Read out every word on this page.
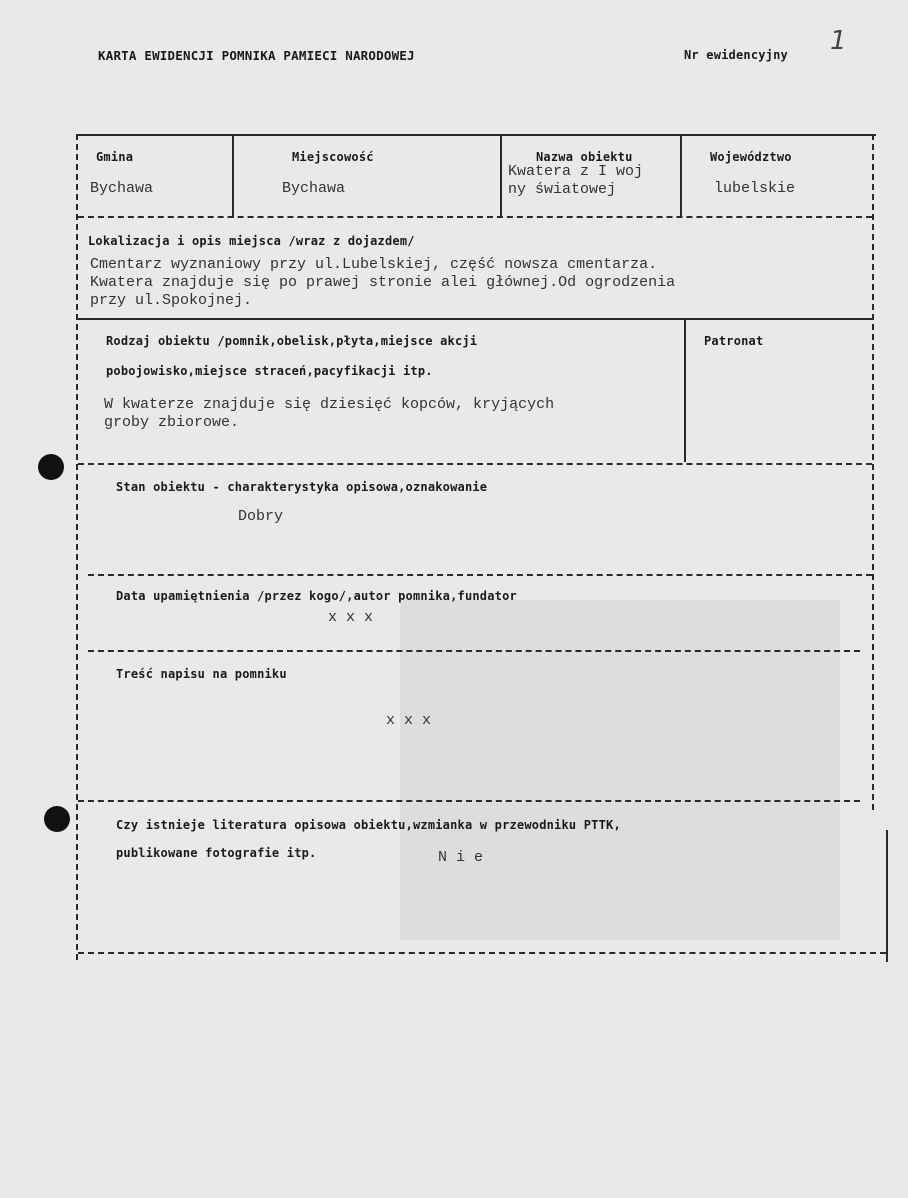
KARTA EWIDENCJI POMNIKA PAMIECI NARODOWEJ	Nr ewidencyjny 1
Gmina
Bychawa
Miejscowość
Bychawa
Nazwa obiektu
Kwatera z I woj
ny światowej
Województwo
lubelskie
Lokalizacja i opis miejsca /wraz z dojazdem/
Cmentarz wyznaniowy przy ul.Lubelskiej, część nowsza cmentarza.
Kwatera znajduje się po prawej stronie alei głównej.Od ogrodzenia
przy ul.Spokojnej.
Rodzaj obiektu /pomnik,obelisk,płyta,miejsce akcji
pobojowisko,miejsce straceń,pacyfikacji itp.
W kwaterze znajduje się dziesięć kopców, kryjących
groby zbiorowe.
Patronat
Stan obiektu - charakterystyka opisowa,oznakowanie
Dobry
Data upamiętnienia /przez kogo/,autor pomnika,fundator
x x x
Treść napisu na pomniku
x x x
Czy istnieje literatura opisowa obiektu,wzmianka w przewodniku PTTK,
publikowane fotografie itp.	N i e
